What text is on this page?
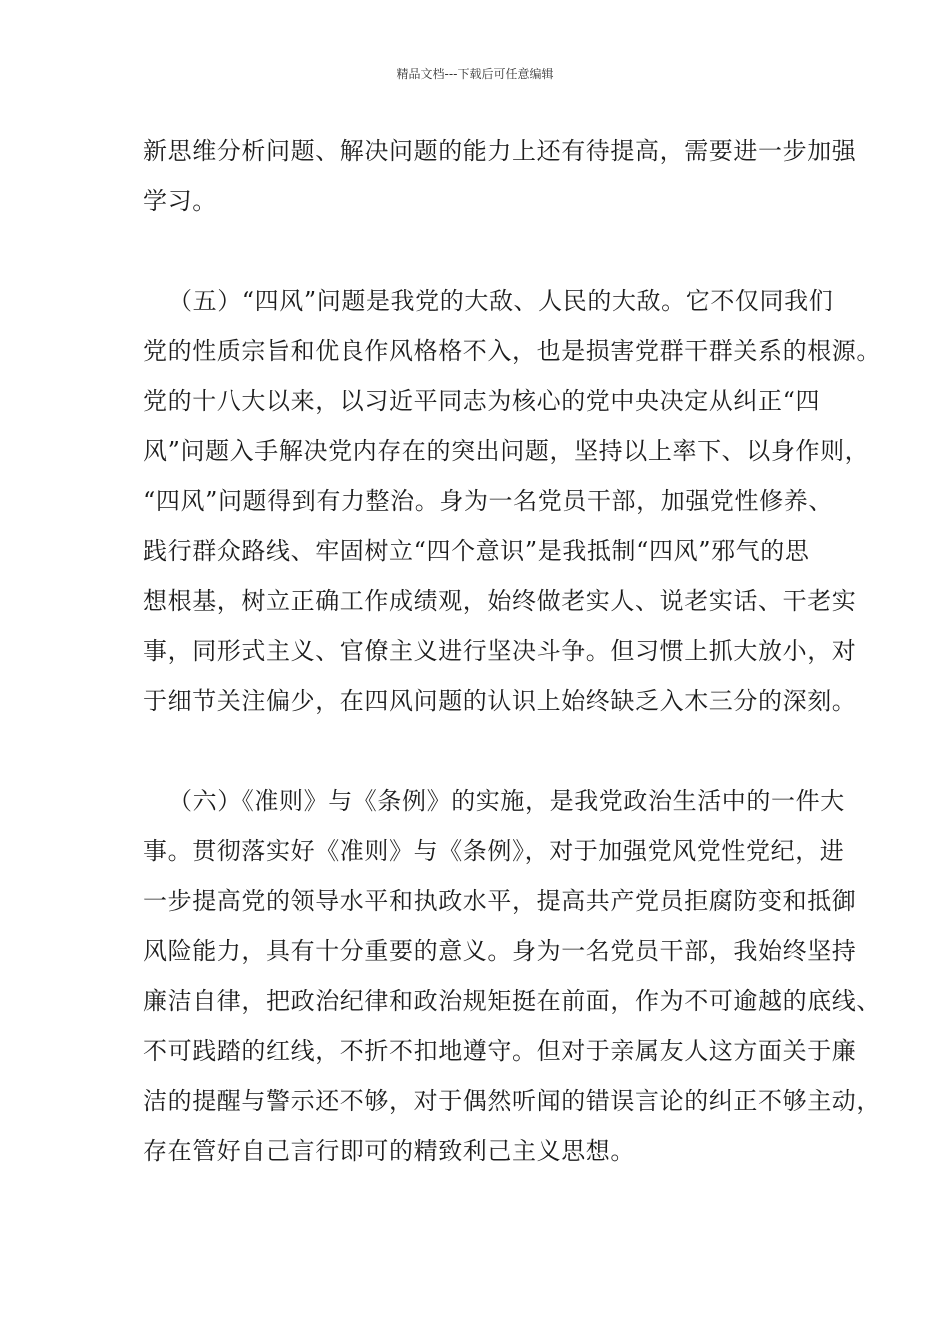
精品文档---下载后可任意编辑
新思维分析问题、解决问题的能力上还有待提高，需要进一步加强
学习。
（五）“四风”问题是我党的大敌、人民的大敌。它不仅同我们
党的性质宗旨和优良作风格格不入，也是损害党群干群关系的根源。
党的十八大以来，以习近平同志为核心的党中央决定从纠正“四
风”问题入手解决党内存在的突出问题，坚持以上率下、以身作则，
“四风”问题得到有力整治。身为一名党员干部，加强党性修养、
践行群众路线、牢固树立“四个意识”是我抵制“四风”邪气的思
想根基，树立正确工作成绩观，始终做老实人、说老实话、干老实
事，同形式主义、官僚主义进行坚决斗争。但习惯上抓大放小，对
于细节关注偏少，在四风问题的认识上始终缺乏入木三分的深刻。
（六）《准则》与《条例》的实施，是我党政治生活中的一件大
事。贯彻落实好《准则》与《条例》，对于加强党风党性党纪，进
一步提高党的领导水平和执政水平，提高共产党员拒腐防变和抵御
风险能力，具有十分重要的意义。身为一名党员干部，我始终坚持
廉洁自律，把政治纪律和政治规矩挺在前面，作为不可逾越的底线、
不可践踏的红线，不折不扣地遵守。但对于亲属友人这方面关于廉
洁的提醒与警示还不够，对于偶然听闻的错误言论的纠正不够主动，
存在管好自己言行即可的精致利己主义思想。
